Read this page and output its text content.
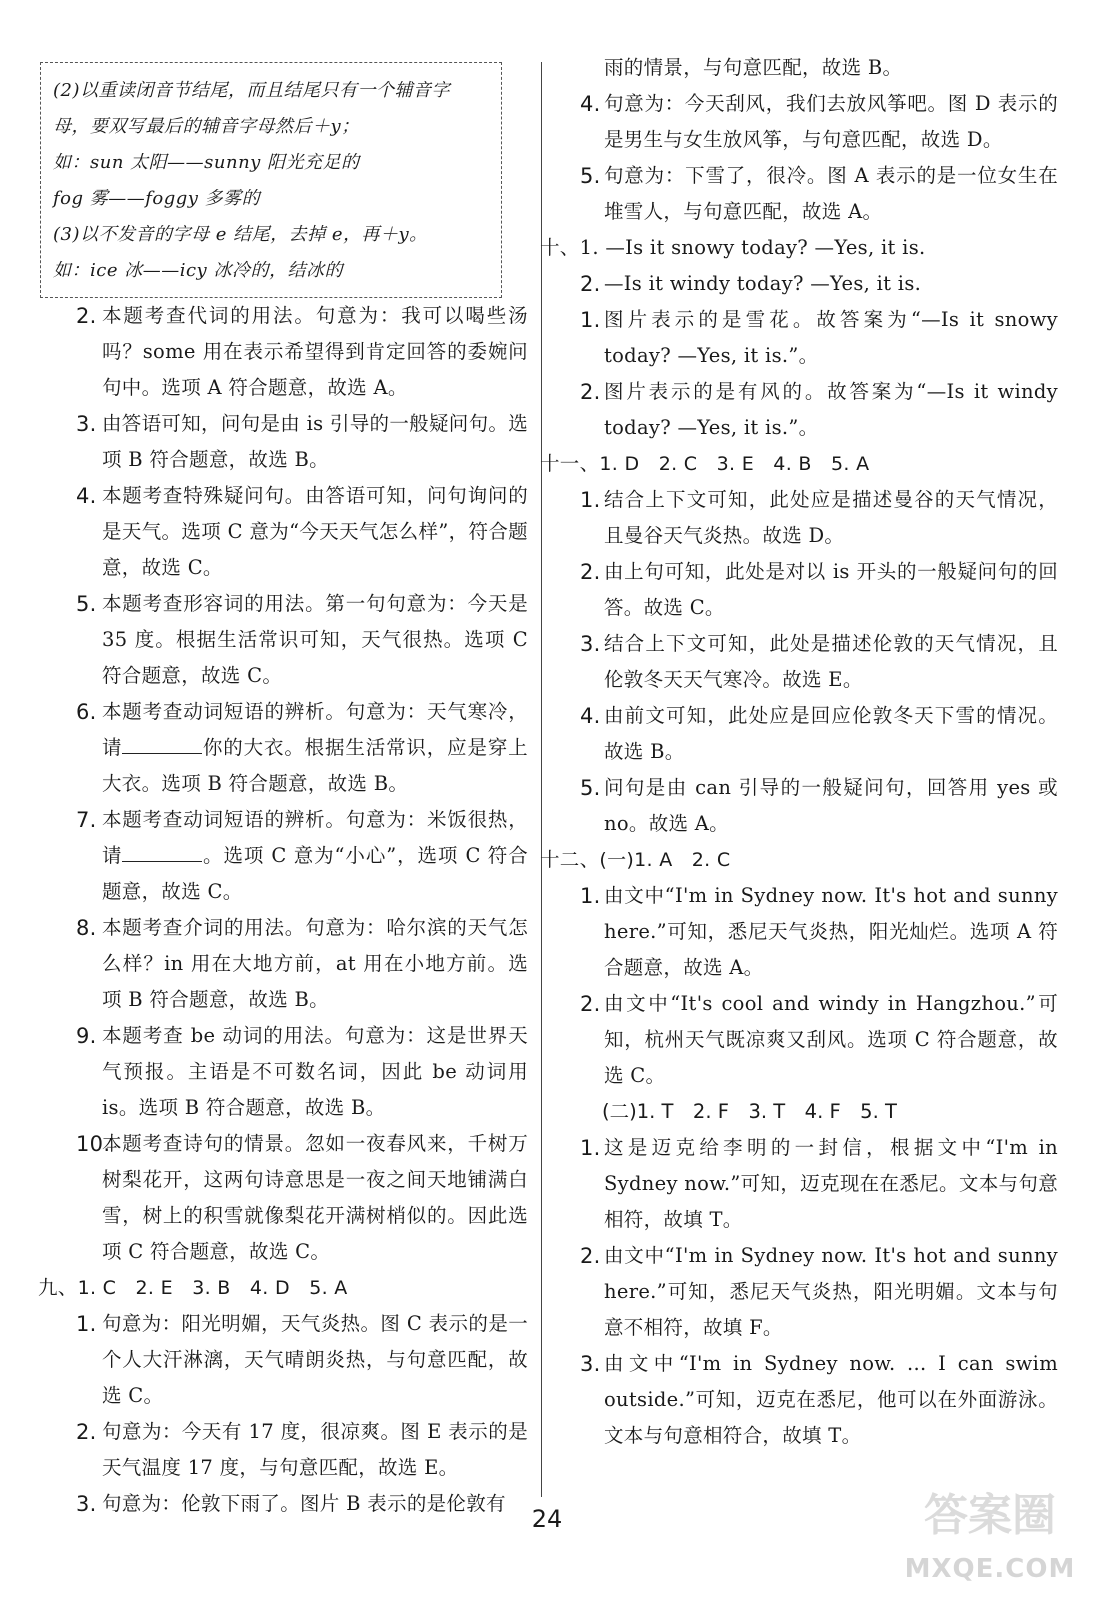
(2)以重读闭音节结尾，而且结尾只有一个辅音字

母，要双写最后的辅音字母然后＋y；

如：sun 太阳——sunny 阳光充足的

fog 雾——foggy 多雾的

(3)以不发音的字母 e 结尾，去掉 e，再＋y。

如：ice 冰——icy 冰冷的，结冰的

2. 本题考查代词的用法。句意为：我可以喝些汤吗？some 用在表示希望得到肯定回答的委婉问句中。选项 A 符合题意，故选 A。
3. 由答语可知，问句是由 is 引导的一般疑问句。选项 B 符合题意，故选 B。
4. 本题考查特殊疑问句。由答语可知，问句询问的是天气。选项 C 意为“今天天气怎么样”，符合题意，故选 C。
5. 本题考查形容词的用法。第一句句意为：今天是 35 度。根据生活常识可知，天气很热。选项 C 符合题意，故选 C。
6. 本题考查动词短语的辨析。句意为：天气寒冷，请	你的大衣。根据生活常识，应是穿上大衣。选项 B 符合题意，故选 B。
7. 本题考查动词短语的辨析。句意为：米饭很热，请	。选项 C 意为“小心”，选项 C 符合题意，故选 C。
8. 本题考查介词的用法。句意为：哈尔滨的天气怎么样？in 用在大地方前，at 用在小地方前。选项 B 符合题意，故选 B。
9. 本题考查 be 动词的用法。句意为：这是世界天气预报。主语是不可数名词，因此 be 动词用 is。选项 B 符合题意，故选 B。
10.
本题考查诗句的情景。忽如一夜春风来，千树万树梨花开，这两句诗意思是一夜之间天地铺满白雪，树上的积雪就像梨花开满树梢似的。因此选项 C 符合题意，故选 C。
九、1. C　2. E　3. B　4. D　5. A
1. 句意为：阳光明媚，天气炎热。图 C 表示的是一个人大汗淋漓，天气晴朗炎热，与句意匹配，故选 C。
2. 句意为：今天有 17 度，很凉爽。图 E 表示的是天气温度 17 度，与句意匹配，故选 E。
3. 句意为：伦敦下雨了。图片 B 表示的是伦敦有
雨的情景，与句意匹配，故选 B。
4. 句意为：今天刮风，我们去放风筝吧。图 D 表示的是男生与女生放风筝，与句意匹配，故选 D。
5. 句意为：下雪了，很冷。图 A 表示的是一位女生在堆雪人，与句意匹配，故选 A。
十、1. —Is it snowy today? —Yes, it is.
2. —Is it windy today? —Yes, it is.
1. 图片表示的是雪花。故答案为“—Is it snowy today? —Yes, it is.”。
2. 图片表示的是有风的。故答案为“—Is it windy today? —Yes, it is.”。
十一、1. D　2. C　3. E　4. B　5. A
1. 结合上下文可知，此处应是描述曼谷的天气情况，且曼谷天气炎热。故选 D。
2. 由上句可知，此处是对以 is 开头的一般疑问句的回答。故选 C。
3. 结合上下文可知，此处是描述伦敦的天气情况，且伦敦冬天天气寒冷。故选 E。
4. 由前文可知，此处应是回应伦敦冬天下雪的情况。故选 B。
5. 问句是由 can 引导的一般疑问句，回答用 yes 或 no。故选 A。
十二、(一)1. A　2. C
1. 由文中“I'm in Sydney now. It's hot and sunny here.”可知，悉尼天气炎热，阳光灿烂。选项 A 符合题意，故选 A。
2. 由文中“It's cool and windy in Hangzhou.”可知，杭州天气既凉爽又刮风。选项 C 符合题意，故选 C。
(二)1. T　2. F　3. T　4. F　5. T
1. 这是迈克给李明的一封信，根据文中“I'm in Sydney now.”可知，迈克现在在悉尼。文本与句意相符，故填 T。
2. 由文中“I'm in Sydney now. It's hot and sunny here.”可知，悉尼天气炎热，阳光明媚。文本与句意不相符，故填 F。
3. 由文中“I'm in Sydney now. ... I can swim outside.”可知，迈克在悉尼，他可以在外面游泳。文本与句意相符合，故填 T。
24	答案圈
MXQE.COM
